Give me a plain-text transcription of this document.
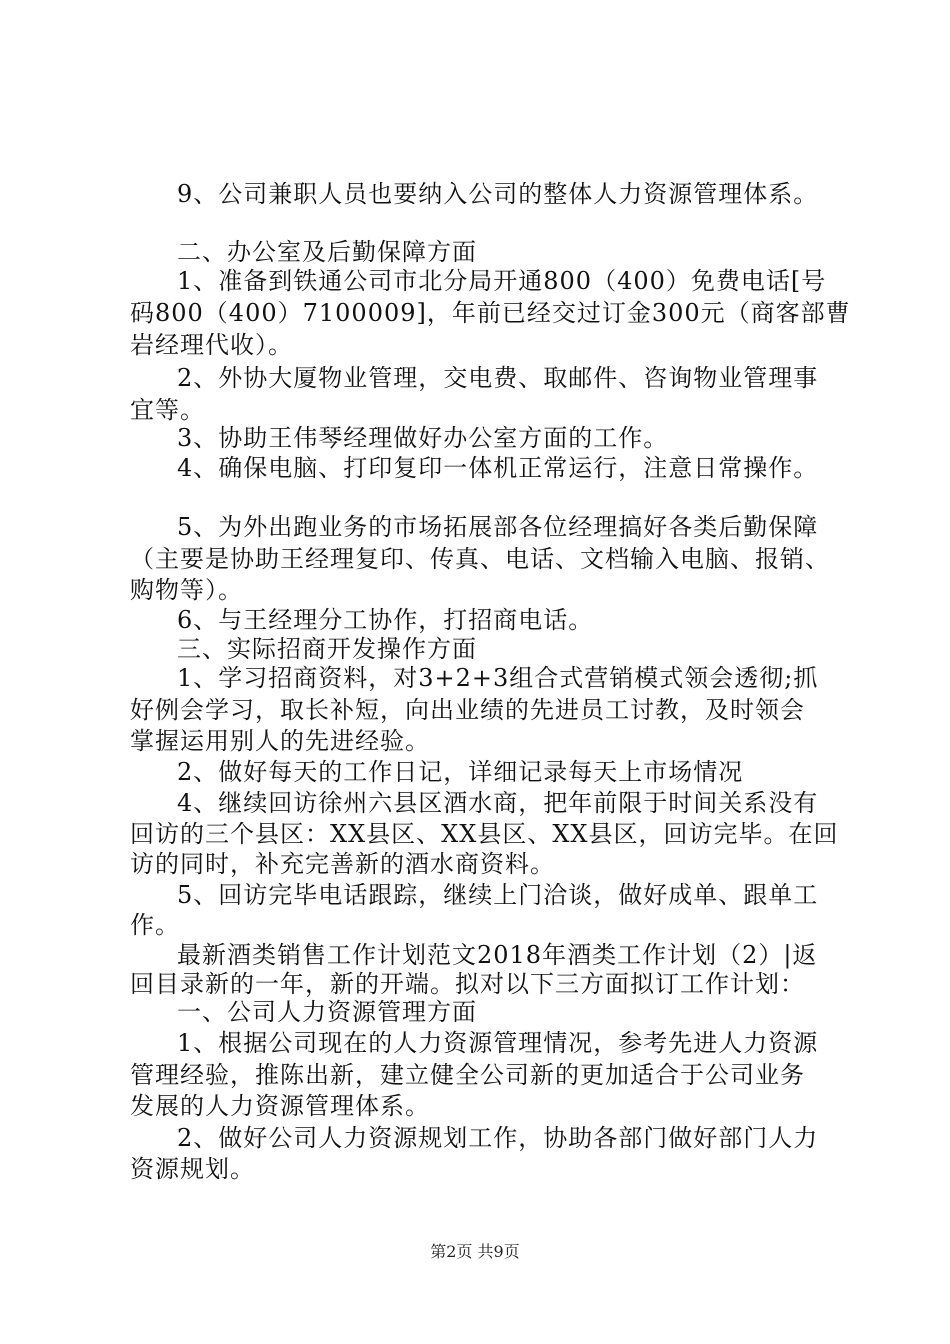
9、公司兼职人员也要纳入公司的整体人力资源管理体系。
二、办公室及后勤保障方面
1、准备到铁通公司市北分局开通800（400）免费电话[号
码800（400）7100009]，年前已经交过订金300元（商客部曹
岩经理代收）。
2、外协大厦物业管理，交电费、取邮件、咨询物业管理事
宜等。
3、协助王伟琴经理做好办公室方面的工作。
4、确保电脑、打印复印一体机正常运行，注意日常操作。
5、为外出跑业务的市场拓展部各位经理搞好各类后勤保障
（主要是协助王经理复印、传真、电话、文档输入电脑、报销、
购物等）。
6、与王经理分工协作，打招商电话。
三、实际招商开发操作方面
1、学习招商资料，对3+2+3组合式营销模式领会透彻;抓
好例会学习，取长补短，向出业绩的先进员工讨教，及时领会
掌握运用别人的先进经验。
2、做好每天的工作日记，详细记录每天上市场情况
4、继续回访徐州六县区酒水商，把年前限于时间关系没有
回访的三个县区：XX县区、XX县区、XX县区，回访完毕。在回
访的同时，补充完善新的酒水商资料。
5、回访完毕电话跟踪，继续上门洽谈，做好成单、跟单工
作。
最新酒类销售工作计划范文2018年酒类工作计划（2）|返
回目录新的一年，新的开端。拟对以下三方面拟订工作计划：
一、公司人力资源管理方面
1、根据公司现在的人力资源管理情况，参考先进人力资源
管理经验，推陈出新，建立健全公司新的更加适合于公司业务
发展的人力资源管理体系。
2、做好公司人力资源规划工作，协助各部门做好部门人力
资源规划。
第2页 共9页
